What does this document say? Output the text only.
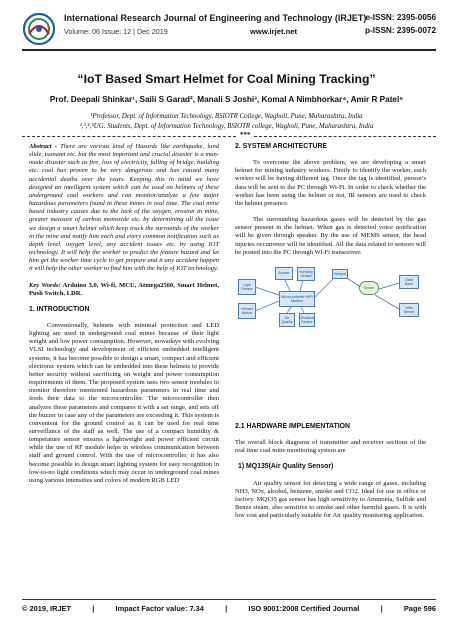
International Research Journal of Engineering and Technology (IRJET) e-ISSN: 2395-0056
Volume: 06 Issue: 12 | Dec 2019	www.irjet.net	p-ISSN: 2395-0072
“IoT Based Smart Helmet for Coal Mining Tracking”
Prof. Deepali Shinkar¹, Saili S Garad², Manali S Joshi³, Komal A Nimbhorkar⁴, Amir R Patel⁵
¹Professor, Dept. of Information Technology, BSIOTR College, Wagholi, Pune, Maharashtra, India
²,³,⁴,⁵UG. Students, Dept. of Information Technology, BSIOTR college, Wagholi, Pune, Maharashtra, India
***

Abstract - There are various kind of Hazards like earthquake, land slide, tsunami etc. but the most important and crucial disaster is a man-made disaster such as fire, loss of electricity, falling of bridge, building etc. coal has proven to be very dangerous and has caused many accidental deaths over the years. Keeping this in mind we have designed an intelligent system which can be used on helmets of these underground coal workers and can monitor/analyze a few major hazardous parameters found in these mines in real time. The coal mine based industry causes due to the lack of the oxygen, erosion in mine, greater measure of carbon monoxide etc. by determining all the issue we design a smart helmet which keep track the surrounds of the worker in the mine and notify him each and every common notification such as depth level, oxygen level, any accident issues etc. by using IOT technology. It will help the worker to predict the feature hazard and let him get the worker time cycle to get prepare and it any accident happen it will help the other worker to find him with the help of IOT technology.

Key Words: Arduino 3.0, Wi-fi, MCU, Atmega2560, Smart Helmet, Push Switch, LDR.

1. INTRODUCTION

Conventionally, helmets with minimal protection and LED lighting are used in underground coal mines because of their light weight and low power consumption. However, nowadays with evolving VLSI technology and development of efficient embedded intelligent systems, it has become possible to design a smart, compact and efficient electronic system which can be embedded into these helmets to provide better security without sacrificing on weight and power consumption requirements of them. The proposed system uses two sensor modules to monitor therefore mentioned hazardous parameters in real time and feeds their data to the microcontroller. The microcontroller then analyzes these parameters and compares it with a set range, and sets off the buzzer in case any of the parameters are exceeding it. This system is convenient for the ground control as it can be used for real time surveillance of the staff as well. The use of a compact humidity & temperature sensor ensures a lightweight and power efficient circuit while the use of RF module helps in wireless communication between staff and ground control. With the use of microcontroller, it has also become possible to design smart lighting system for easy recognition in low-to-no light conditions which may occur in underground coal mines using various intensities and colors of modern RGB LED

2. SYSTEM ARCHITECTURE

To overcome the above problem, we are developing a smart helmet for mining industry workers. Firstly to identify the worker, each worker will be having different tag. Once the tag is identified, person’s data will be sent to the PC through Wi-Fi. In order to check whether the worker has been using the helmet or not, IR sensors are used to check the helmet presence.

The surrounding hazardous gases will be detected by the gas sensor present in the helmet. When gas is detected voice notification will be given through speaker. By the use of MEMS sensor, the head injuries occurrence will be identified. All the data related to sensors will be posted into the PC through Wi-Fi transceiver.

Light Sensor
Helmet Button
Buzzer	Humidity Sensor
Microcontroller WiFi Module
Air Quality
Vibration Sensor
Hotspot
Server
Data Base
Web Server
2.1 HARDWARE IMPLEMENTATION

The overall block diagrams of transmitter and receiver sections of the real time coal mine monitoring system are

1) MQ135(Air Quality Sensor)

Air quality sensor for detecting a wide range of gases, including NH3, NOx, alcohol, benzene, smoke and CO2. Ideal for use in office or factory. MQ135 gas sensor has high sensitivity to Ammonia, Sulfide and Benze steam, also sensitive to smoke and other harmful gases. It is with low cost and particularly suitable for Air quality monitoring application.

© 2019, IRJET	|	Impact Factor value: 7.34	|	ISO 9001:2008 Certified Journal	|	Page 596
